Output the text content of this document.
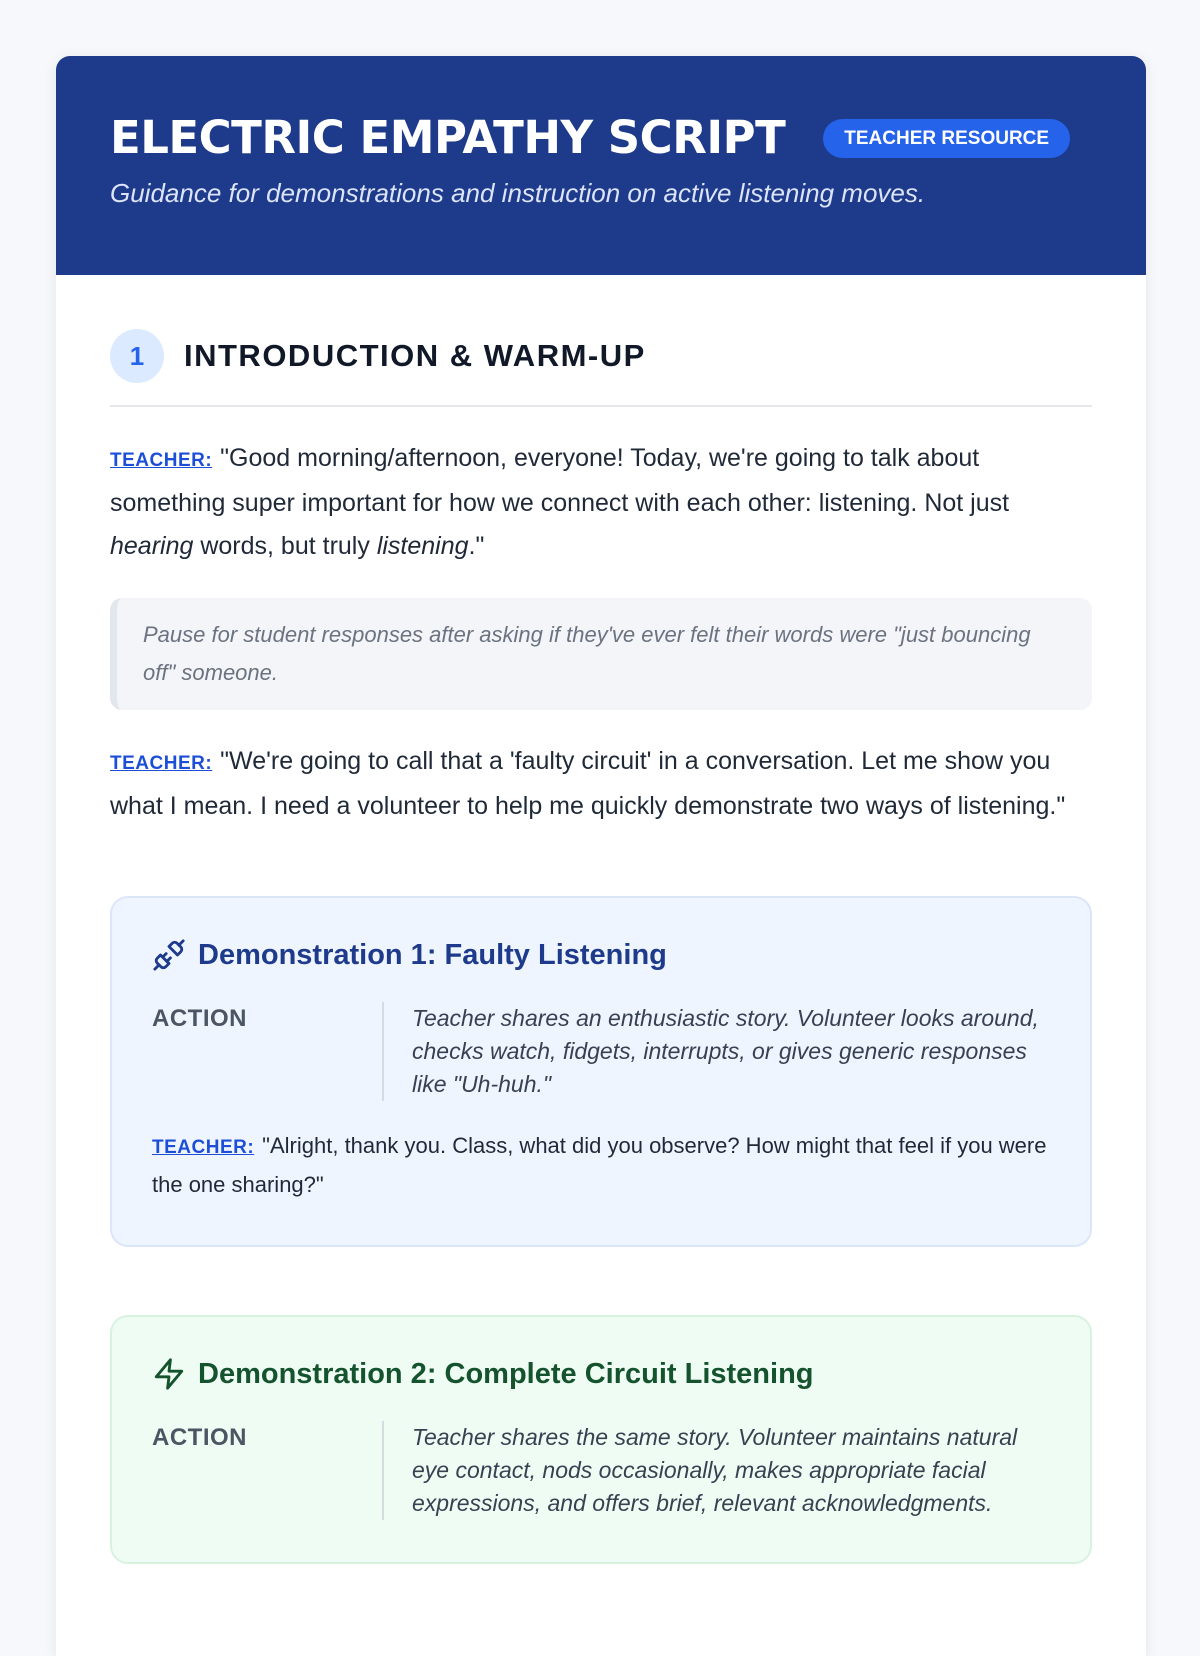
ELECTRIC EMPATHY SCRIPT	TEACHER RESOURCE

Guidance for demonstrations and instruction on active listening moves.

1	INTRODUCTION & WARM-UP

TEACHER: "Good morning/afternoon, everyone! Today, we're going to talk about something super important for how we connect with each other: listening. Not just hearing words, but truly listening."

Pause for student responses after asking if they've ever felt their words were "just bouncing off" someone.

TEACHER: "We're going to call that a 'faulty circuit' in a conversation. Let me show you what I mean. I need a volunteer to help me quickly demonstrate two ways of listening."

Demonstration 1: Faulty Listening
ACTION	Teacher shares an enthusiastic story. Volunteer looks around, checks watch, fidgets, interrupts, or gives generic responses like "Uh-huh."

TEACHER: "Alright, thank you. Class, what did you observe? How might that feel if you were the one sharing?"

Demonstration 2: Complete Circuit Listening
ACTION	Teacher shares the same story. Volunteer maintains natural eye contact, nods occasionally, makes appropriate facial expressions, and offers brief, relevant acknowledgments.
